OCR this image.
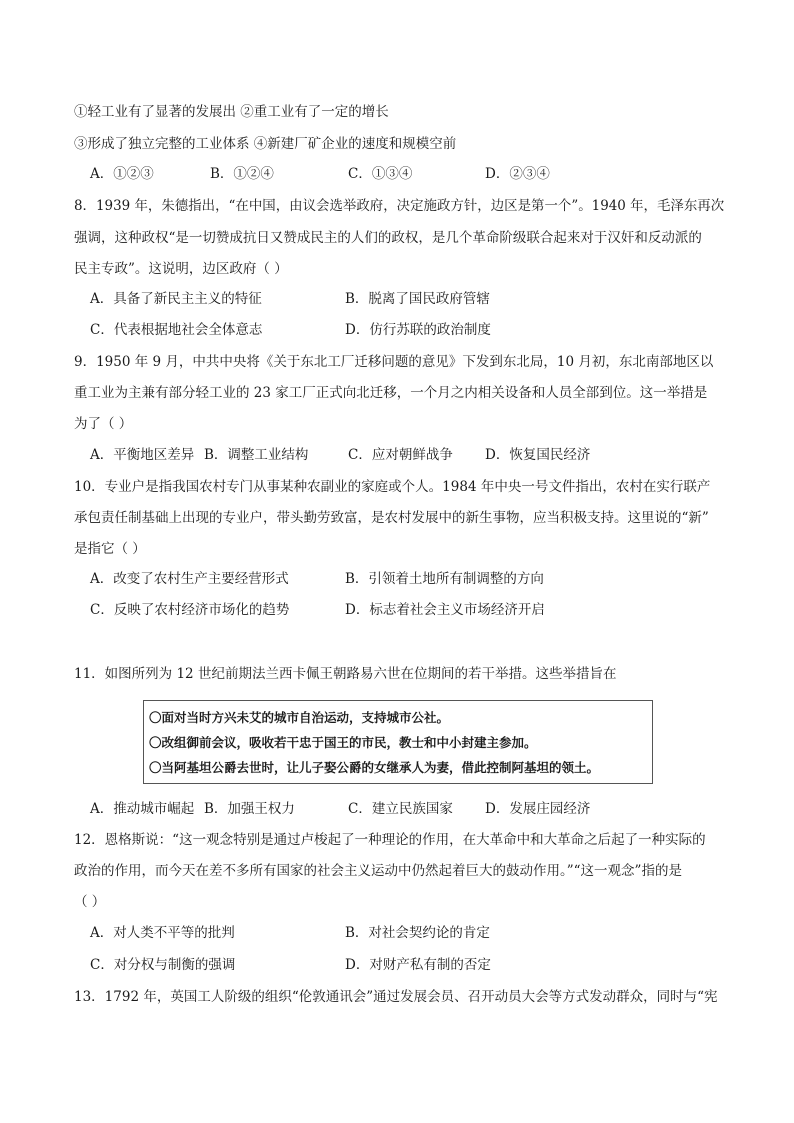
①轻工业有了显著的发展出 ②重工业有了一定的增长
③形成了独立完整的工业体系 ④新建厂矿企业的速度和规模空前
A．①②③	B．①②④	C．①③④	D．②③④
8．1939 年，朱德指出，“在中国，由议会选举政府，决定施政方针，边区是第一个”。1940 年，毛泽东再次
强调，这种政权“是一切赞成抗日又赞成民主的人们的政权，是几个革命阶级联合起来对于汉奸和反动派的
民主专政”。这说明，边区政府（ ）
A．具备了新民主主义的特征	B．脱离了国民政府管辖
C．代表根据地社会全体意志	D．仿行苏联的政治制度
9．1950 年 9 月，中共中央将《关于东北工厂迁移问题的意见》下发到东北局，10 月初，东北南部地区以
重工业为主兼有部分轻工业的 23 家工厂正式向北迁移，一个月之内相关设备和人员全部到位。这一举措是
为了（ ）
A．平衡地区差异 B．调整工业结构	C．应对朝鲜战争 D．恢复国民经济
10．专业户是指我国农村专门从事某种农副业的家庭或个人。1984 年中央一号文件指出，农村在实行联产
承包责任制基础上出现的专业户，带头勤劳致富，是农村发展中的新生事物，应当积极支持。这里说的“新”
是指它（ ）
A．改变了农村生产主要经营形式	B．引领着土地所有制调整的方向
C．反映了农村经济市场化的趋势	D．标志着社会主义市场经济开启
11．如图所列为 12 世纪前期法兰西卡佩王朝路易六世在位期间的若干举措。这些举措旨在
〇面对当时方兴未艾的城市自治运动，支持城市公社。
〇改组御前会议，吸收若干忠于国王的市民，教士和中小封建主参加。
〇当阿基坦公爵去世时，让儿子娶公爵的女继承人为妻，借此控制阿基坦的领土。
A．推动城市崛起 B．加强王权力	C．建立民族国家 D．发展庄园经济
12．恩格斯说：“这一观念特别是通过卢梭起了一种理论的作用，在大革命中和大革命之后起了一种实际的
政治的作用，而今天在差不多所有国家的社会主义运动中仍然起着巨大的鼓动作用。”“这一观念”指的是
（ ）
A．对人类不平等的批判	B．对社会契约论的肯定
C．对分权与制衡的强调	D．对财产私有制的否定
13．1792 年，英国工人阶级的组织“伦敦通讯会”通过发展会员、召开动员大会等方式发动群众，同时与“宪
